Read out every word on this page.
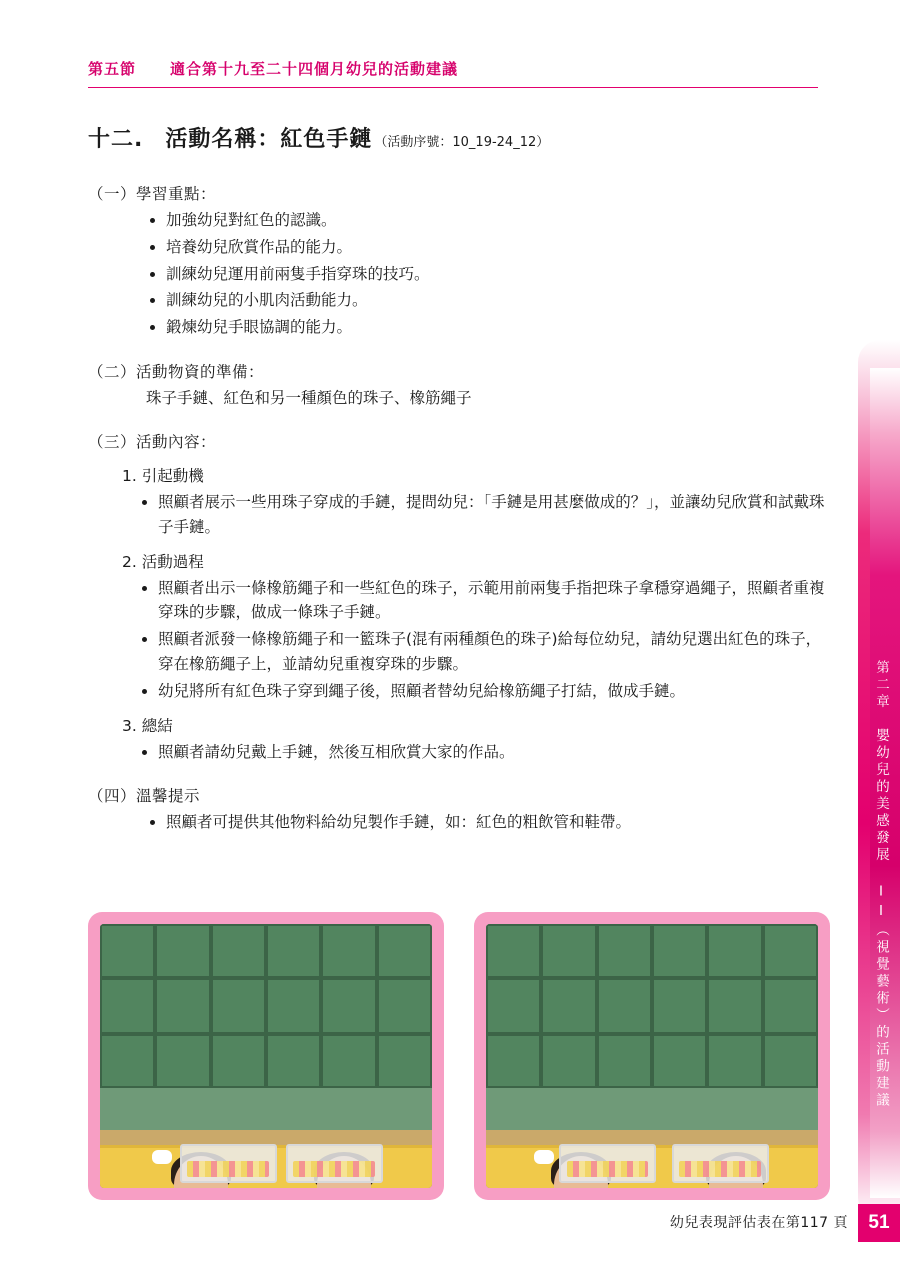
第二章　嬰幼兒的美感發展 II（視覺藝術）的活動建議
51
第五節 適合第十九至二十四個月幼兒的活動建議
十二. 活動名稱：紅色手鏈 （活動序號：10_19-24_12）
（一）學習重點：
加強幼兒對紅色的認識。
培養幼兒欣賞作品的能力。
訓練幼兒運用前兩隻手指穿珠的技巧。
訓練幼兒的小肌肉活動能力。
鍛煉幼兒手眼協調的能力。
（二）活動物資的準備：
珠子手鏈、紅色和另一種顏色的珠子、橡筋繩子
（三）活動內容：
1. 引起動機
照顧者展示一些用珠子穿成的手鏈，提問幼兒：「手鏈是用甚麼做成的？」，並讓幼兒欣賞和試戴珠子手鏈。
2. 活動過程
照顧者出示一條橡筋繩子和一些紅色的珠子，示範用前兩隻手指把珠子拿穩穿過繩子，照顧者重複穿珠的步驟，做成一條珠子手鏈。
照顧者派發一條橡筋繩子和一籃珠子(混有兩種顏色的珠子)給每位幼兒，請幼兒選出紅色的珠子，穿在橡筋繩子上，並請幼兒重複穿珠的步驟。
幼兒將所有紅色珠子穿到繩子後，照顧者替幼兒給橡筋繩子打結，做成手鏈。
3. 總結
照顧者請幼兒戴上手鏈，然後互相欣賞大家的作品。
（四）溫馨提示
照顧者可提供其他物料給幼兒製作手鏈，如：紅色的粗飲管和鞋帶。
幼兒表現評估表在第117 頁
